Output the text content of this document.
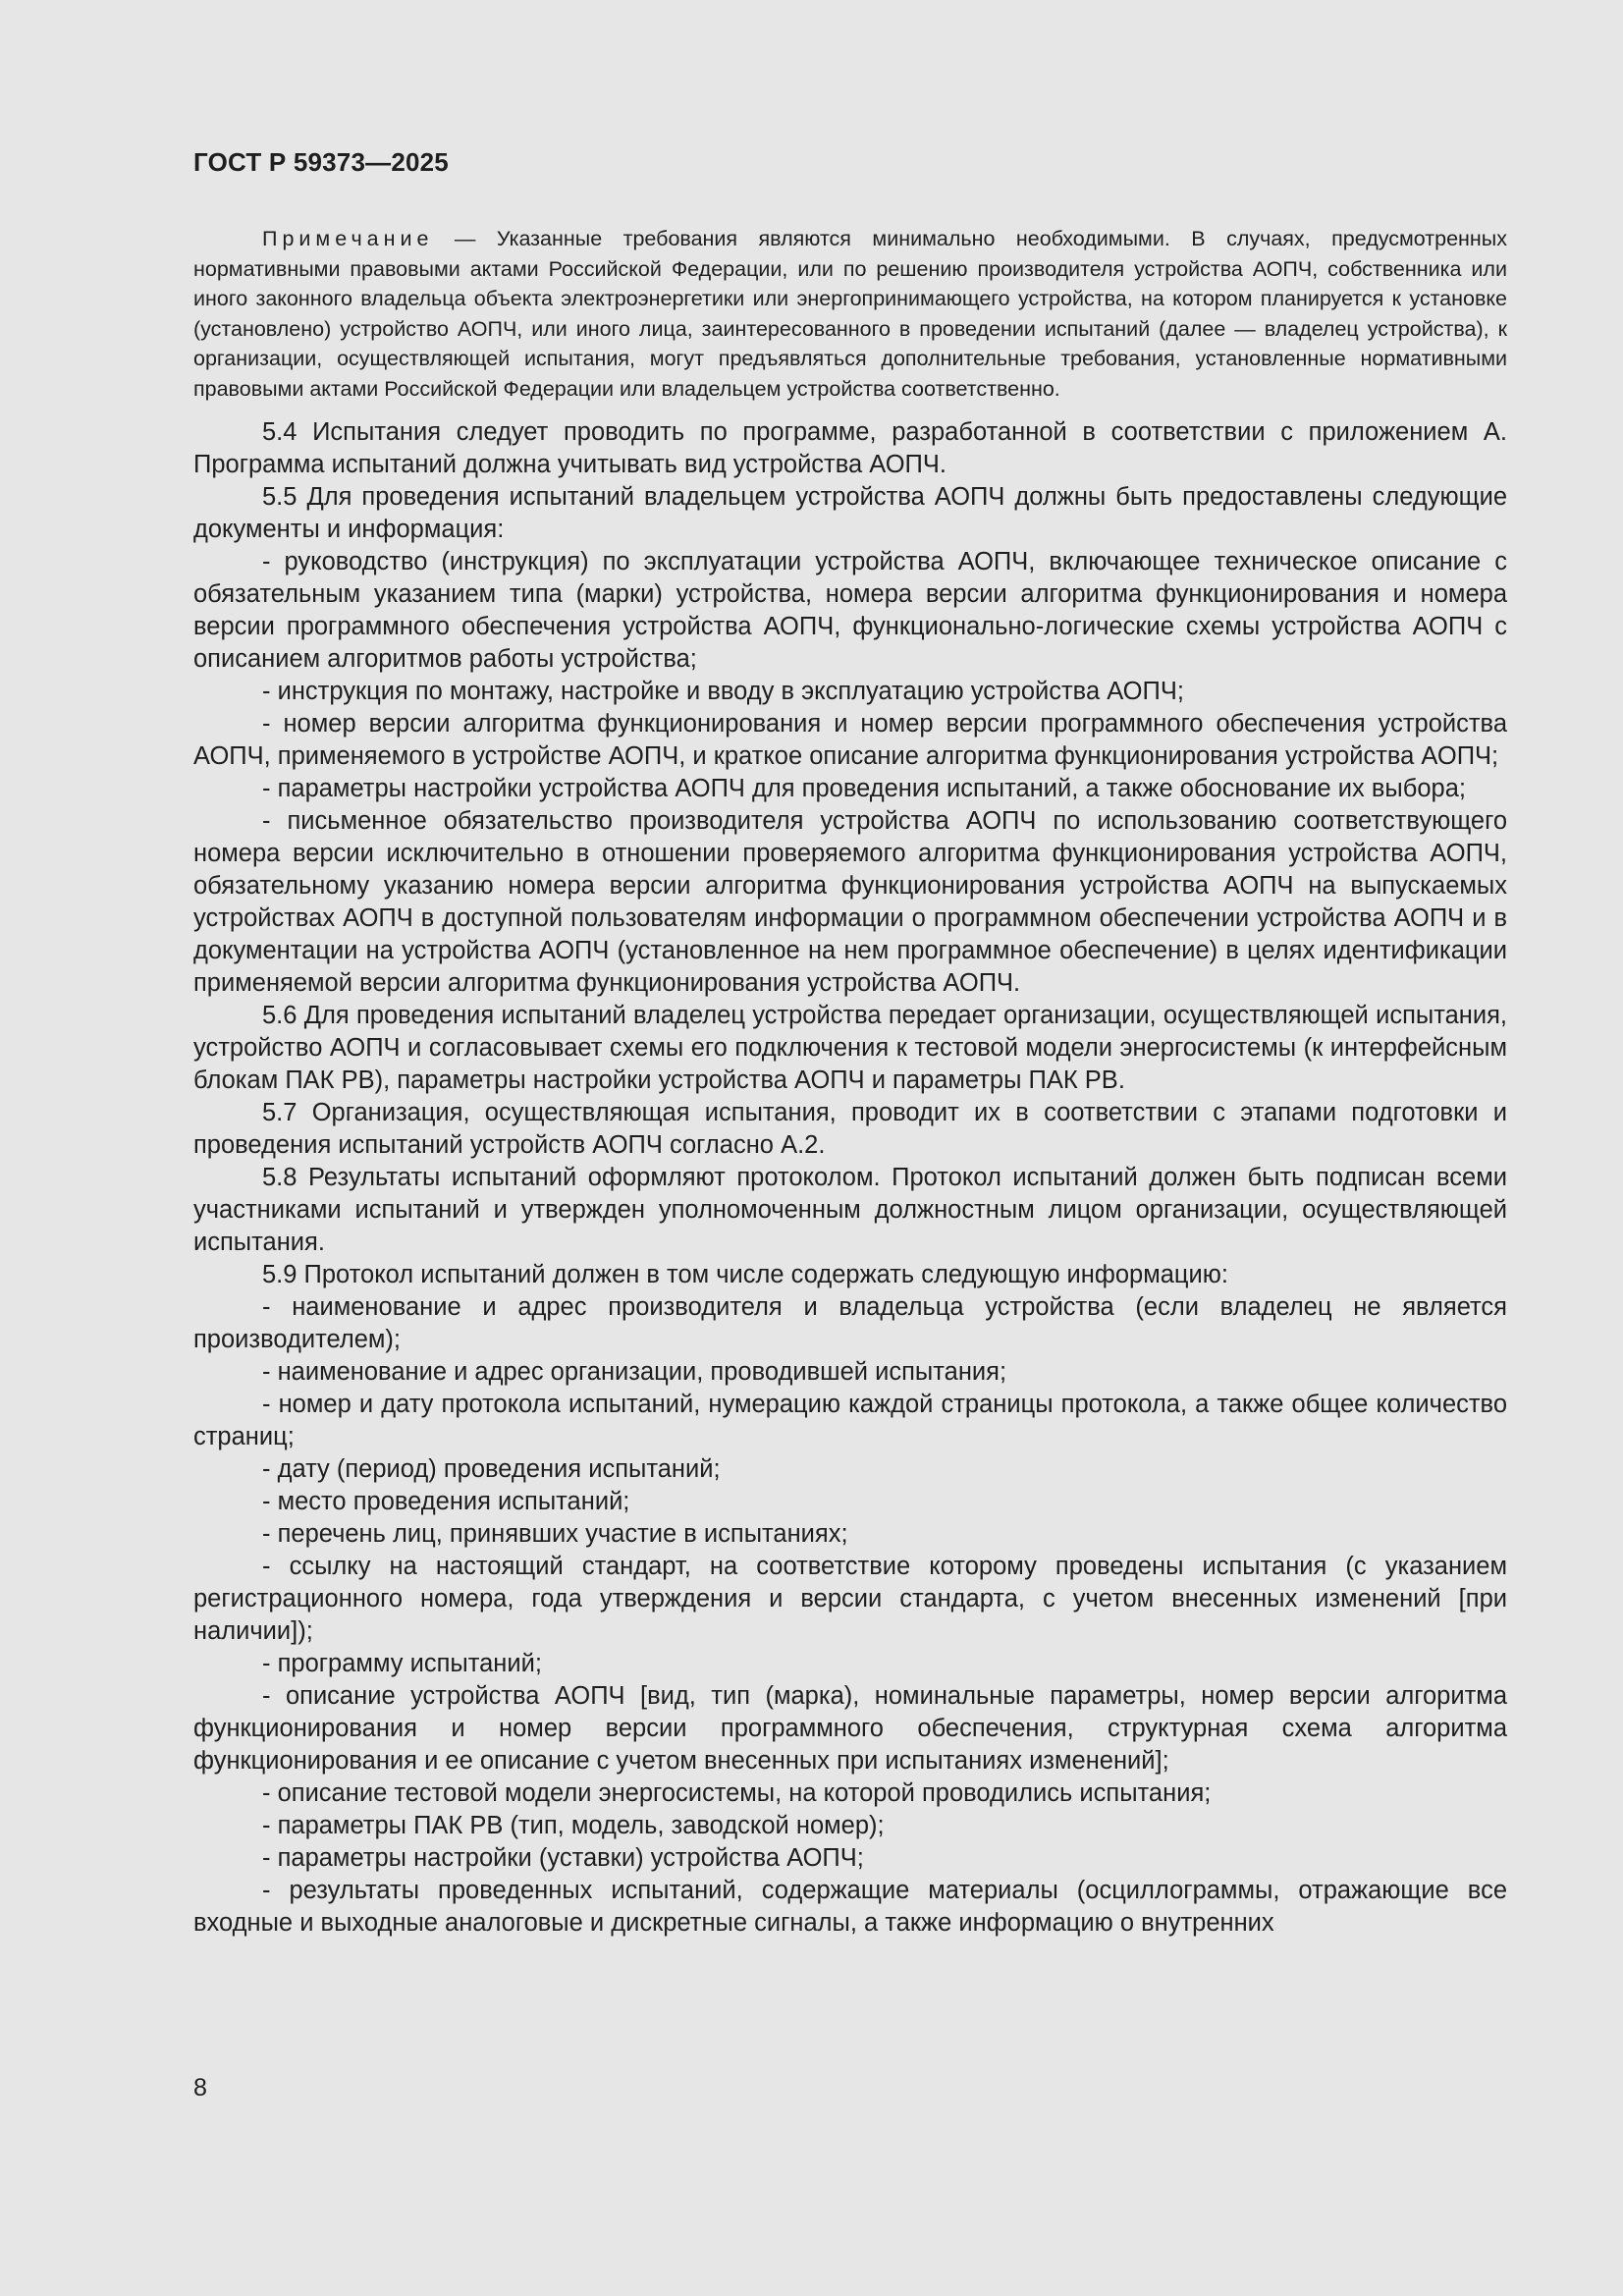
ГОСТ Р 59373—2025

Примечание — Указанные требования являются минимально необходимыми. В случаях, предусмотренных нормативными правовыми актами Российской Федерации, или по решению производителя устройства АОПЧ, собственника или иного законного владельца объекта электроэнергетики или энергопринимающего устройства, на котором планируется к установке (установлено) устройство АОПЧ, или иного лица, заинтересованного в проведении испытаний (далее — владелец устройства), к организации, осуществляющей испытания, могут предъявляться дополнительные требования, установленные нормативными правовыми актами Российской Федерации или владельцем устройства соответственно.

5.4 Испытания следует проводить по программе, разработанной в соответствии с приложением А. Программа испытаний должна учитывать вид устройства АОПЧ.

5.5 Для проведения испытаний владельцем устройства АОПЧ должны быть предоставлены следующие документы и информация:

- руководство (инструкция) по эксплуатации устройства АОПЧ, включающее техническое описание с обязательным указанием типа (марки) устройства, номера версии алгоритма функционирования и номера версии программного обеспечения устройства АОПЧ, функционально-логические схемы устройства АОПЧ с описанием алгоритмов работы устройства;

- инструкция по монтажу, настройке и вводу в эксплуатацию устройства АОПЧ;

- номер версии алгоритма функционирования и номер версии программного обеспечения устройства АОПЧ, применяемого в устройстве АОПЧ, и краткое описание алгоритма функционирования устройства АОПЧ;

- параметры настройки устройства АОПЧ для проведения испытаний, а также обоснование их выбора;

- письменное обязательство производителя устройства АОПЧ по использованию соответствующего номера версии исключительно в отношении проверяемого алгоритма функционирования устройства АОПЧ, обязательному указанию номера версии алгоритма функционирования устройства АОПЧ на выпускаемых устройствах АОПЧ в доступной пользователям информации о программном обеспечении устройства АОПЧ и в документации на устройства АОПЧ (установленное на нем программное обеспечение) в целях идентификации применяемой версии алгоритма функционирования устройства АОПЧ.

5.6 Для проведения испытаний владелец устройства передает организации, осуществляющей испытания, устройство АОПЧ и согласовывает схемы его подключения к тестовой модели энергосистемы (к интерфейсным блокам ПАК РВ), параметры настройки устройства АОПЧ и параметры ПАК РВ.

5.7 Организация, осуществляющая испытания, проводит их в соответствии с этапами подготовки и проведения испытаний устройств АОПЧ согласно А.2.

5.8 Результаты испытаний оформляют протоколом. Протокол испытаний должен быть подписан всеми участниками испытаний и утвержден уполномоченным должностным лицом организации, осуществляющей испытания.

5.9 Протокол испытаний должен в том числе содержать следующую информацию:

- наименование и адрес производителя и владельца устройства (если владелец не является производителем);

- наименование и адрес организации, проводившей испытания;

- номер и дату протокола испытаний, нумерацию каждой страницы протокола, а также общее количество страниц;

- дату (период) проведения испытаний;

- место проведения испытаний;

- перечень лиц, принявших участие в испытаниях;

- ссылку на настоящий стандарт, на соответствие которому проведены испытания (с указанием регистрационного номера, года утверждения и версии стандарта, с учетом внесенных изменений [при наличии]);

- программу испытаний;

- описание устройства АОПЧ [вид, тип (марка), номинальные параметры, номер версии алгоритма функционирования и номер версии программного обеспечения, структурная схема алгоритма функционирования и ее описание с учетом внесенных при испытаниях изменений];

- описание тестовой модели энергосистемы, на которой проводились испытания;

- параметры ПАК РВ (тип, модель, заводской номер);

- параметры настройки (уставки) устройства АОПЧ;

- результаты проведенных испытаний, содержащие материалы (осциллограммы, отражающие все входные и выходные аналоговые и дискретные сигналы, а также информацию о внутренних

8
